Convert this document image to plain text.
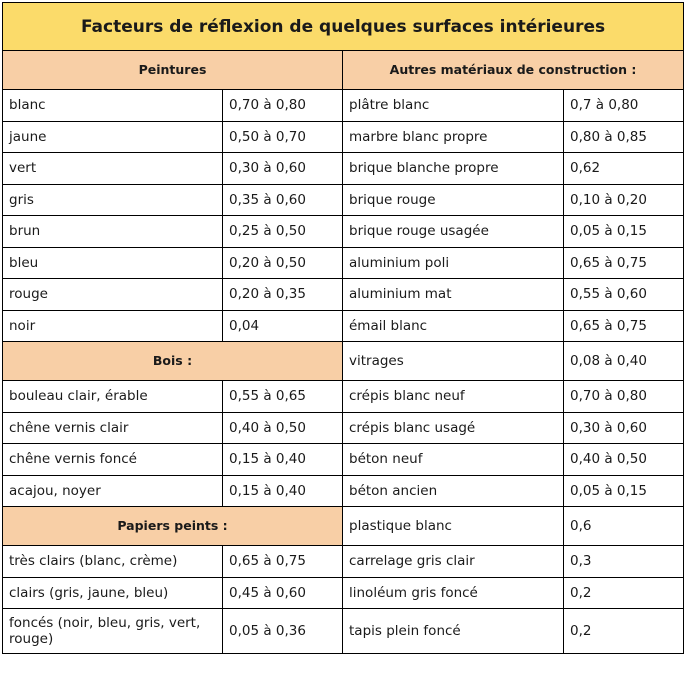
Facteurs de réflexion de quelques surfaces intérieures			
Peintures		Autres matériaux de construction :	
blanc	0,70 à 0,80	plâtre blanc	0,7 à 0,80
jaune	0,50 à 0,70	marbre blanc propre	0,80 à 0,85
vert	0,30 à 0,60	brique blanche propre	0,62
gris	0,35 à 0,60	brique rouge	0,10 à 0,20
brun	0,25 à 0,50	brique rouge usagée	0,05 à 0,15
bleu	0,20 à 0,50	aluminium poli	0,65 à 0,75
rouge	0,20 à 0,35	aluminium mat	0,55 à 0,60
noir	0,04	émail blanc	0,65 à 0,75
Bois :		vitrages	0,08 à 0,40
bouleau clair, érable	0,55 à 0,65	crépis blanc neuf	0,70 à 0,80
chêne vernis clair	0,40 à 0,50	crépis blanc usagé	0,30 à 0,60
chêne vernis foncé	0,15 à 0,40	béton neuf	0,40 à 0,50
acajou, noyer	0,15 à 0,40	béton ancien	0,05 à 0,15
Papiers peints :		plastique blanc	0,6
très clairs (blanc, crème)	0,65 à 0,75	carrelage gris clair	0,3
clairs (gris, jaune, bleu)	0,45 à 0,60	linoléum gris foncé	0,2
foncés (noir, bleu, gris, vert, rouge)	0,05 à 0,36	tapis plein foncé	0,2
